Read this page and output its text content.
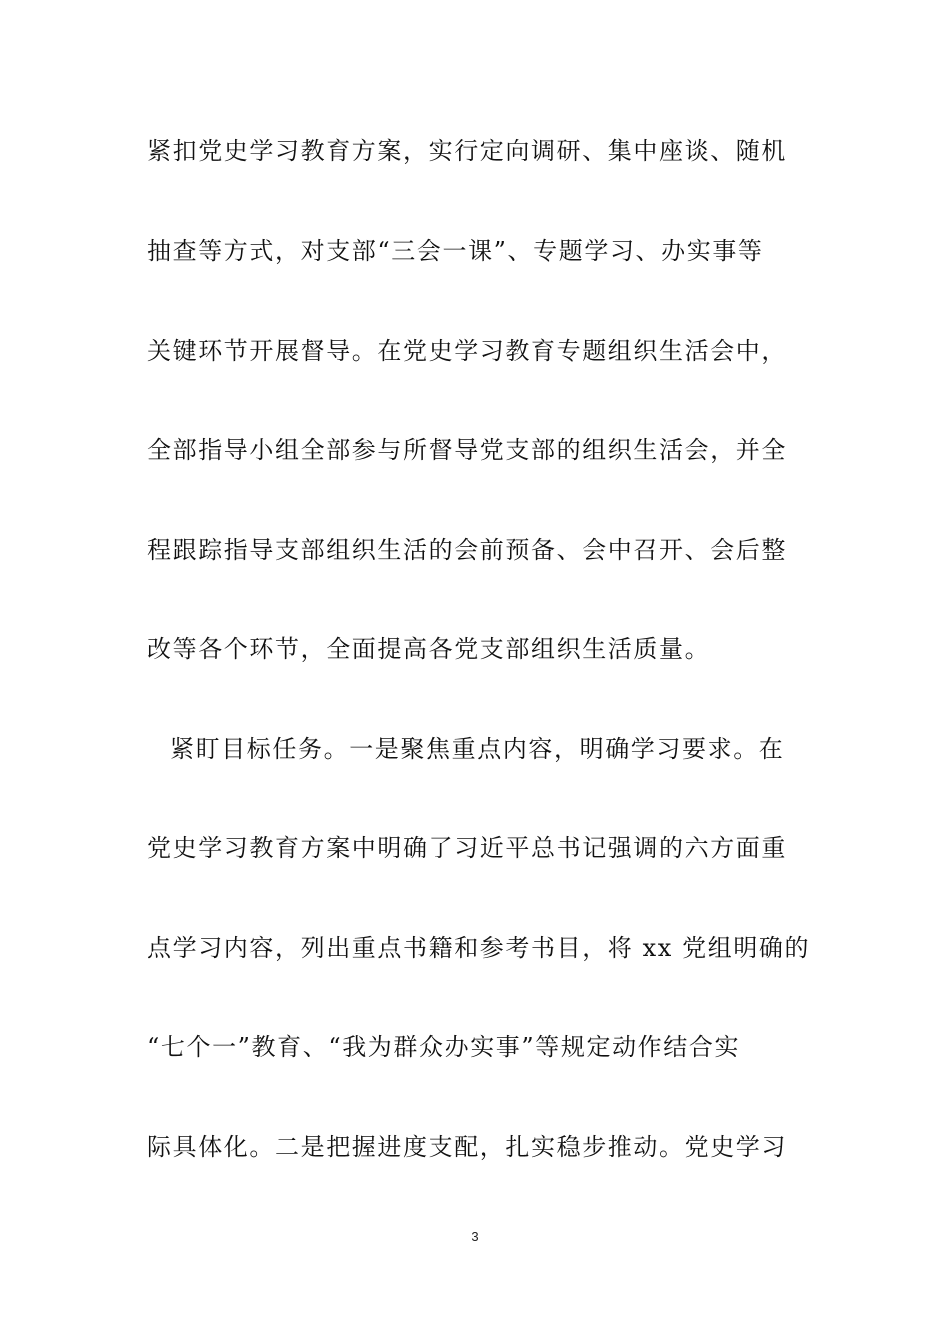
紧扣党史学习教育方案，实行定向调研、集中座谈、随机
抽查等方式，对支部“三会一课”、专题学习、办实事等
关键环节开展督导。在党史学习教育专题组织生活会中，
全部指导小组全部参与所督导党支部的组织生活会，并全
程跟踪指导支部组织生活的会前预备、会中召开、会后整
改等各个环节，全面提高各党支部组织生活质量。
紧盯目标任务。一是聚焦重点内容，明确学习要求。在
党史学习教育方案中明确了习近平总书记强调的六方面重
点学习内容，列出重点书籍和参考书目，将 xx 党组明确的
“七个一”教育、“我为群众办实事”等规定动作结合实
际具体化。二是把握进度支配，扎实稳步推动。党史学习
3
